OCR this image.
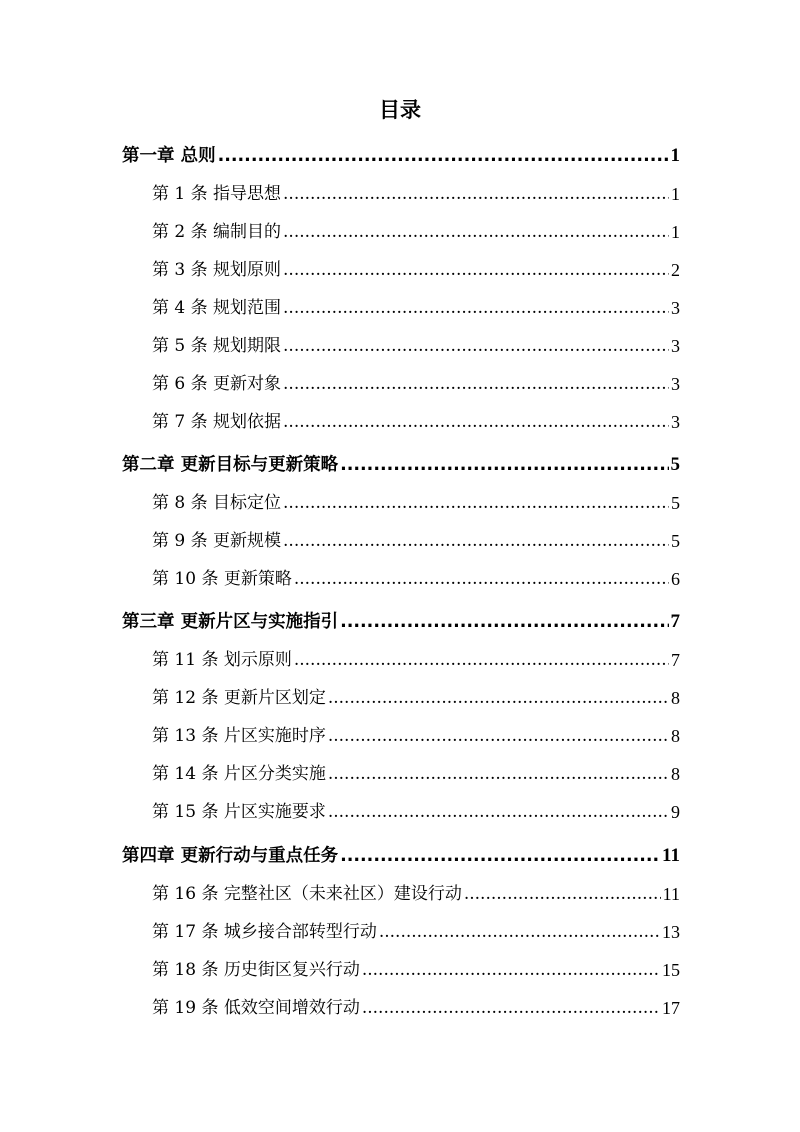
目录
第一章 总则 .....	1
第 1 条 指导思想 .....	1
第 2 条 编制目的 .....	1
第 3 条 规划原则 .....	2
第 4 条 规划范围 .....	3
第 5 条 规划期限 .....	3
第 6 条 更新对象 .....	3
第 7 条 规划依据 .....	3
第二章 更新目标与更新策略 .....	5
第 8 条 目标定位 .....	5
第 9 条 更新规模 .....	5
第 10 条 更新策略 .....	6
第三章 更新片区与实施指引 .....	7
第 11 条 划示原则 .....	7
第 12 条 更新片区划定 .....	8
第 13 条 片区实施时序 .....	8
第 14 条 片区分类实施 .....	8
第 15 条 片区实施要求 .....	9
第四章 更新行动与重点任务 .....	11
第 16 条 完整社区（未来社区）建设行动 .....	11
第 17 条 城乡接合部转型行动 .....	13
第 18 条 历史街区复兴行动 .....	15
第 19 条 低效空间增效行动 .....	17
